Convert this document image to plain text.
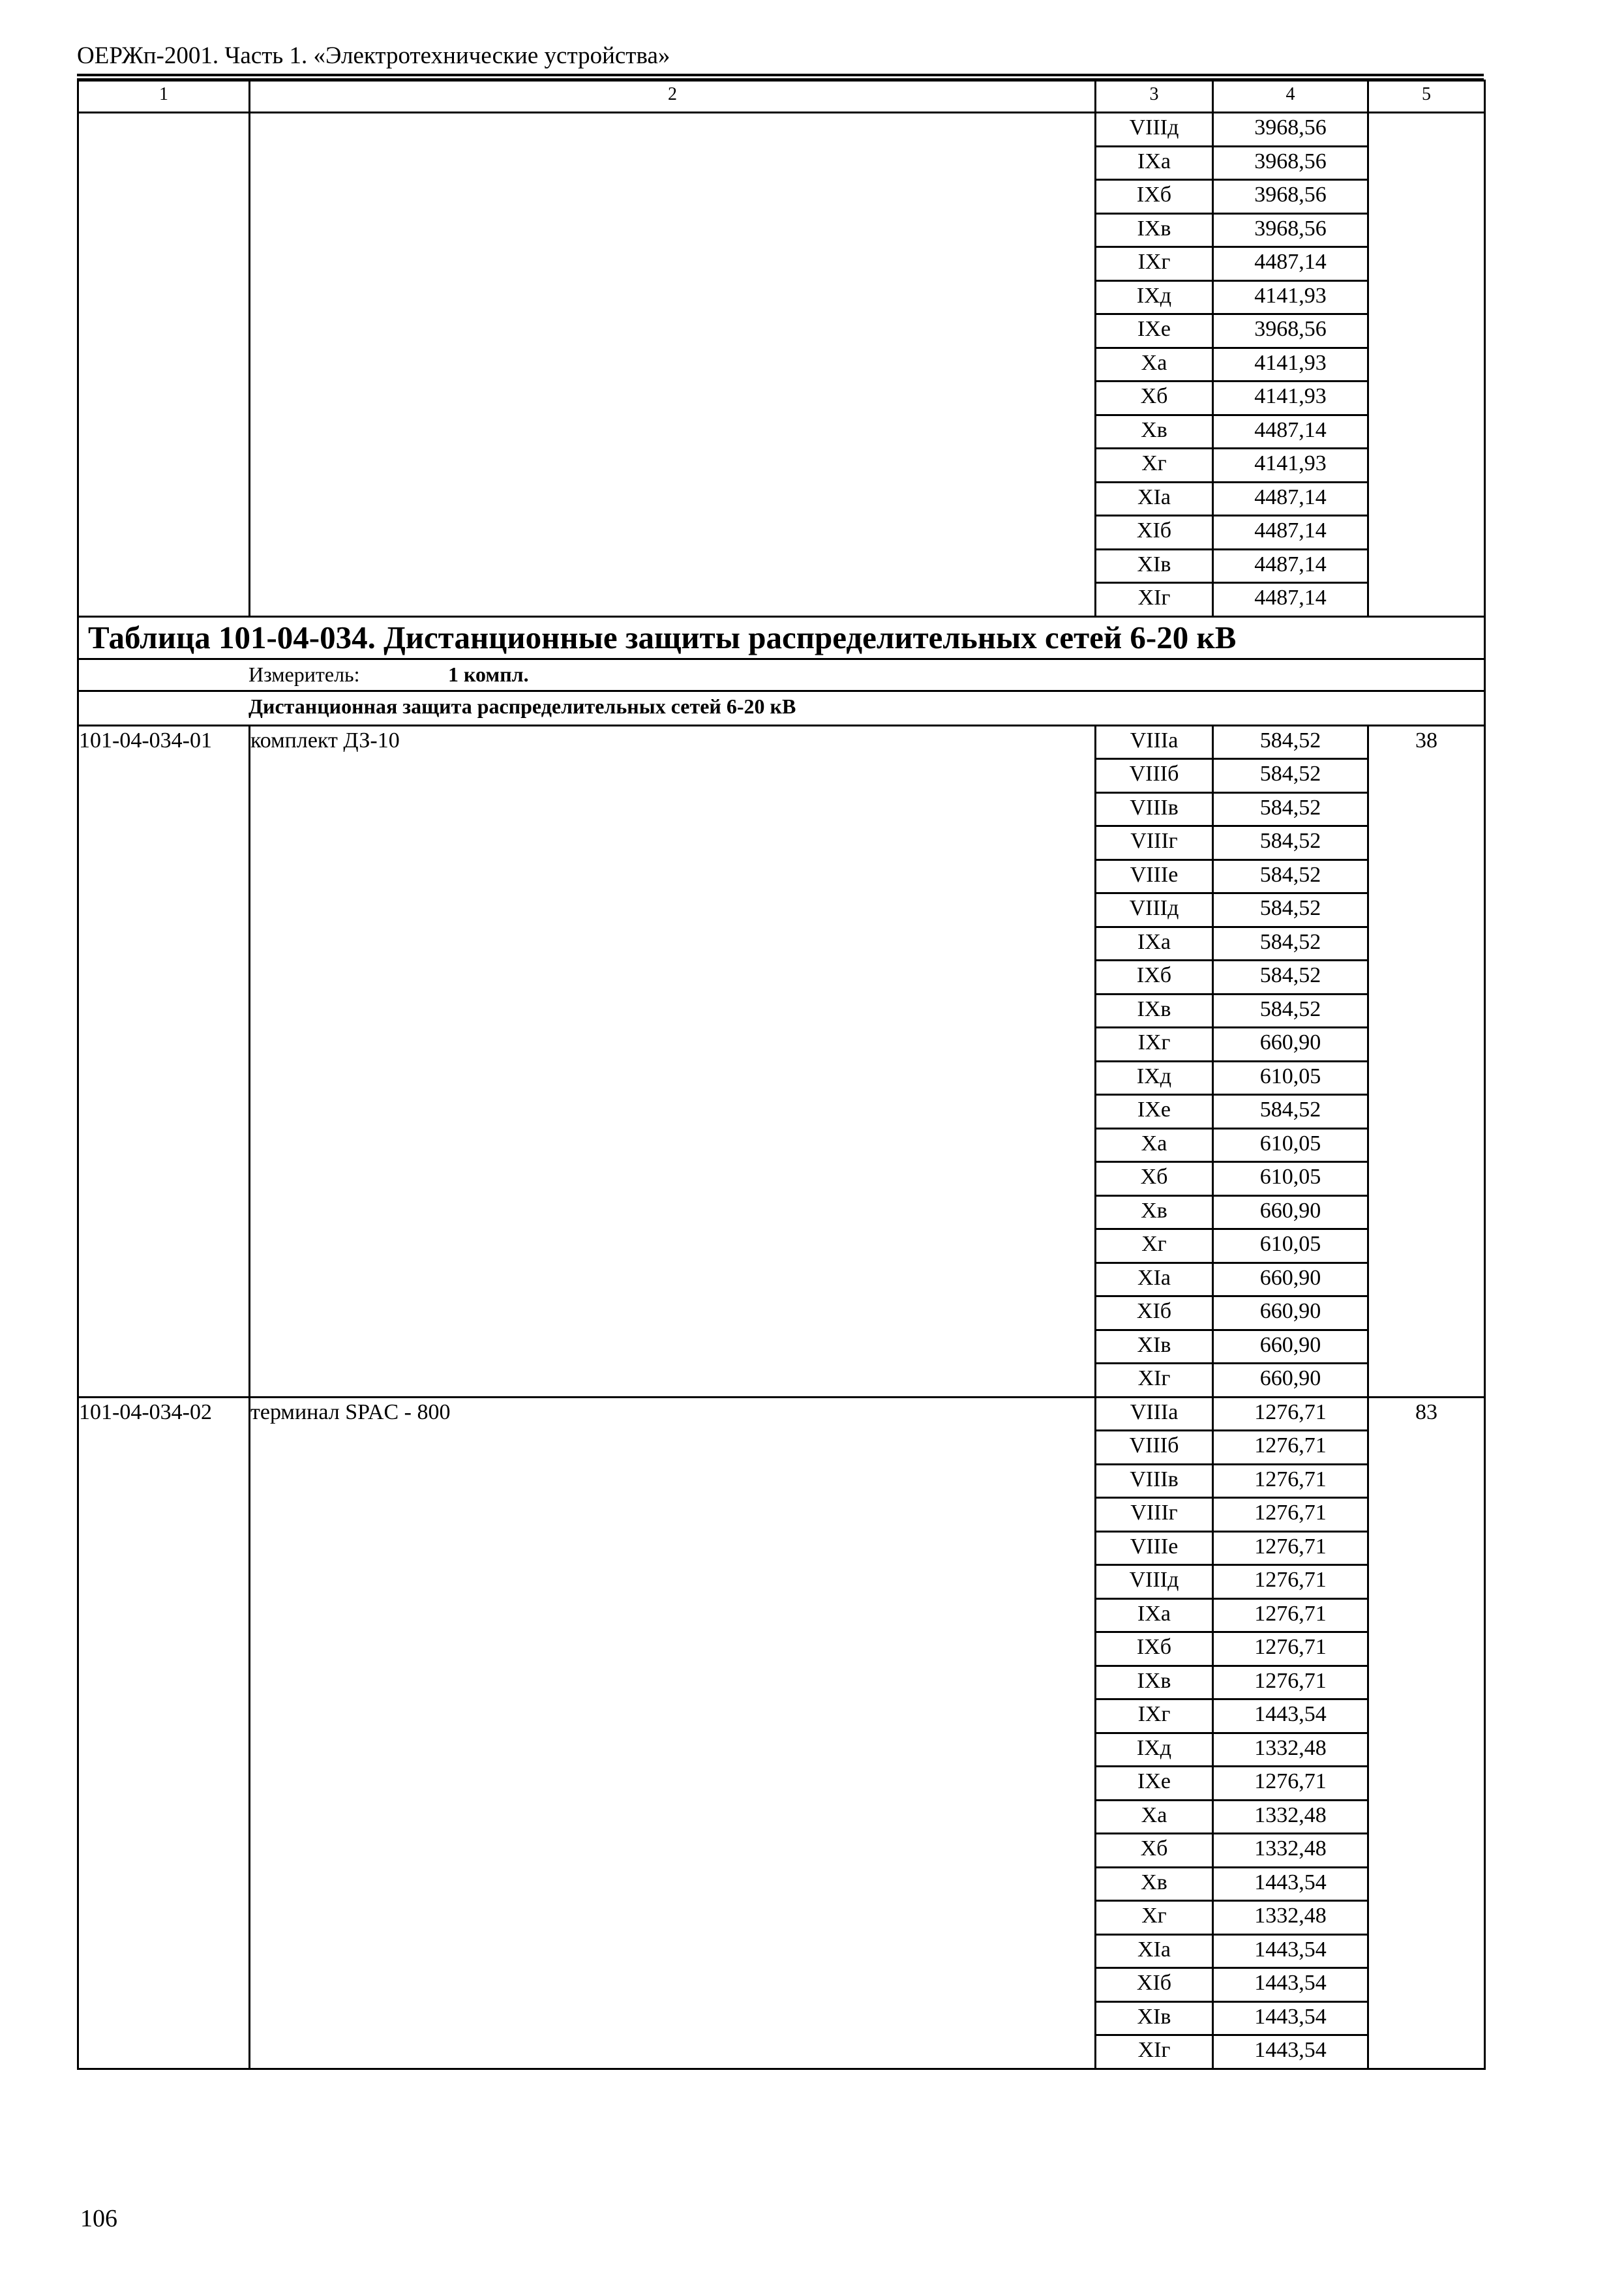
ОЕРЖп-2001. Часть 1. «Электротехнические устройства»
1	2	3	4	5
		VIIIд	3968,56	
		IXа	3968,56	
		IXб	3968,56	
		IXв	3968,56	
		IXг	4487,14	
		IXд	4141,93	
		IXе	3968,56	
		Xа	4141,93	
		Xб	4141,93	
		Xв	4487,14	
		Xг	4141,93	
		XIа	4487,14	
		XIб	4487,14	
		XIв	4487,14	
		XIг	4487,14	
Таблица 101-04-034. Дистанционные защиты распределительных сетей 6-20 кВ				
Измеритель: 1 компл.				
Дистанционная защита распределительных сетей 6-20 кВ				
101-04-034-01	комплект ДЗ-10	VIIIа	584,52	38
		VIIIб	584,52	
		VIIIв	584,52	
		VIIIг	584,52	
		VIIIе	584,52	
		VIIIд	584,52	
		IXа	584,52	
		IXб	584,52	
		IXв	584,52	
		IXг	660,90	
		IXд	610,05	
		IXе	584,52	
		Xа	610,05	
		Xб	610,05	
		Xв	660,90	
		Xг	610,05	
		XIа	660,90	
		XIб	660,90	
		XIв	660,90	
		XIг	660,90	
101-04-034-02	терминал SPAC - 800	VIIIа	1276,71	83
		VIIIб	1276,71	
		VIIIв	1276,71	
		VIIIг	1276,71	
		VIIIе	1276,71	
		VIIIд	1276,71	
		IXа	1276,71	
		IXб	1276,71	
		IXв	1276,71	
		IXг	1443,54	
		IXд	1332,48	
		IXе	1276,71	
		Xа	1332,48	
		Xб	1332,48	
		Xв	1443,54	
		Xг	1332,48	
		XIа	1443,54	
		XIб	1443,54	
		XIв	1443,54	
		XIг	1443,54	
106
